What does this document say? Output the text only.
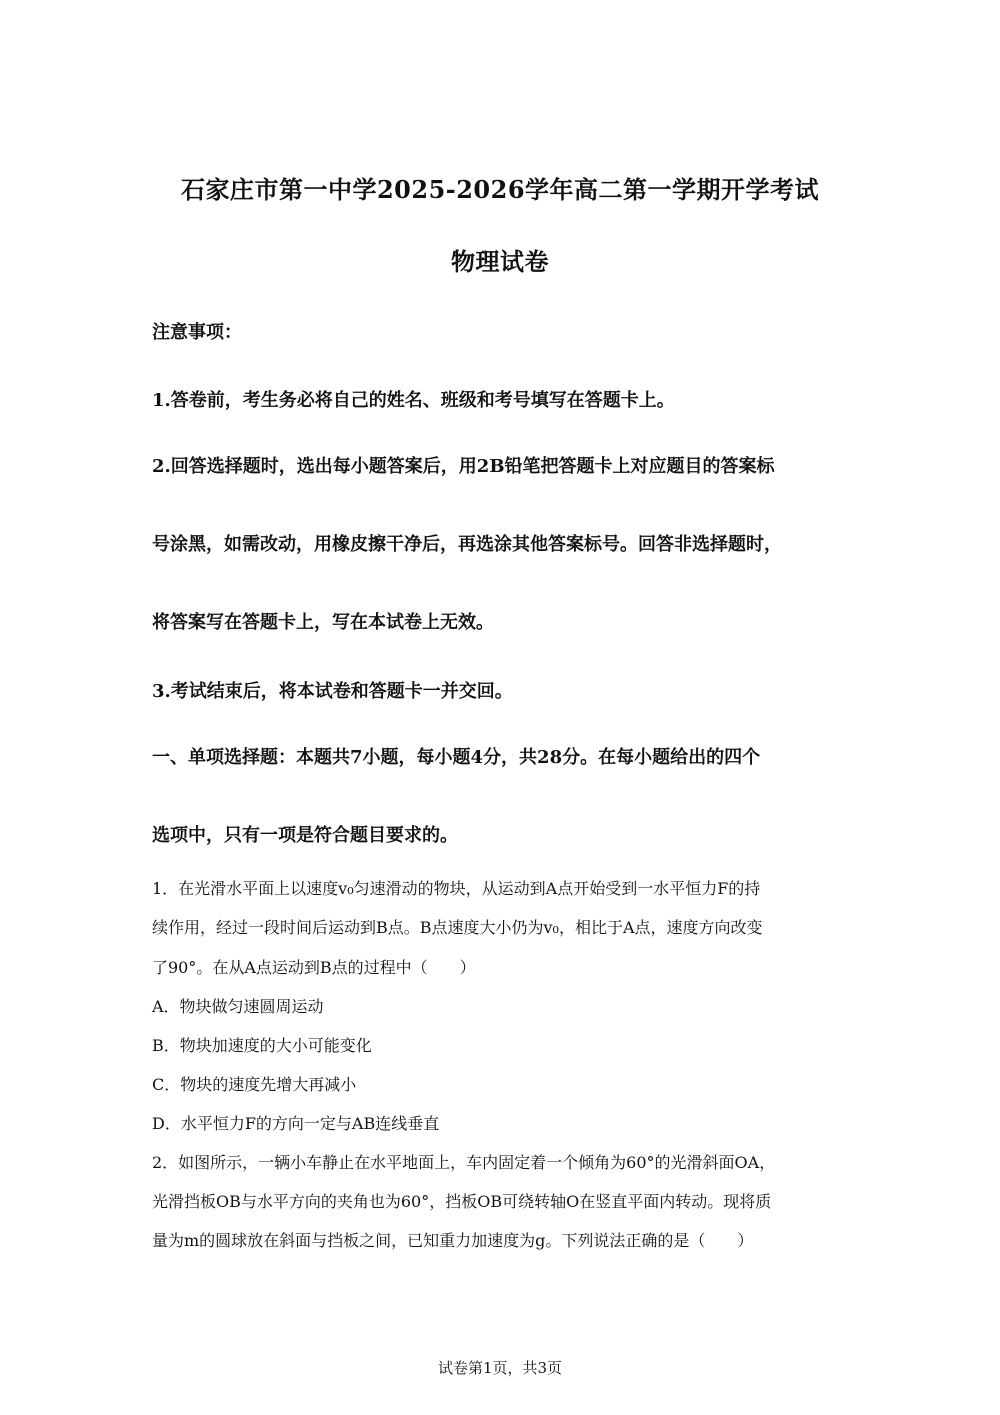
石家庄市第一中学2025-2026学年高二第一学期开学考试
物理试卷
注意事项：
1.答卷前，考生务必将自己的姓名、班级和考号填写在答题卡上。
2.回答选择题时，选出每小题答案后，用2B铅笔把答题卡上对应题目的答案标
号涂黑，如需改动，用橡皮擦干净后，再选涂其他答案标号。回答非选择题时，
将答案写在答题卡上，写在本试卷上无效。
3.考试结束后，将本试卷和答题卡一并交回。
一、单项选择题：本题共7小题，每小题4分，共28分。在每小题给出的四个
选项中，只有一项是符合题目要求的。
1．在光滑水平面上以速度v₀匀速滑动的物块，从运动到A点开始受到一水平恒力F的持
续作用，经过一段时间后运动到B点。B点速度大小仍为v₀，相比于A点，速度方向改变
了90°。在从A点运动到B点的过程中（　　）
A．物块做匀速圆周运动
B．物块加速度的大小可能变化
C．物块的速度先增大再减小
D．水平恒力F的方向一定与AB连线垂直
2．如图所示，一辆小车静止在水平地面上，车内固定着一个倾角为60°的光滑斜面OA，
光滑挡板OB与水平方向的夹角也为60°，挡板OB可绕转轴O在竖直平面内转动。现将质
量为m的圆球放在斜面与挡板之间，已知重力加速度为g。下列说法正确的是（　　）
试卷第1页，共3页
